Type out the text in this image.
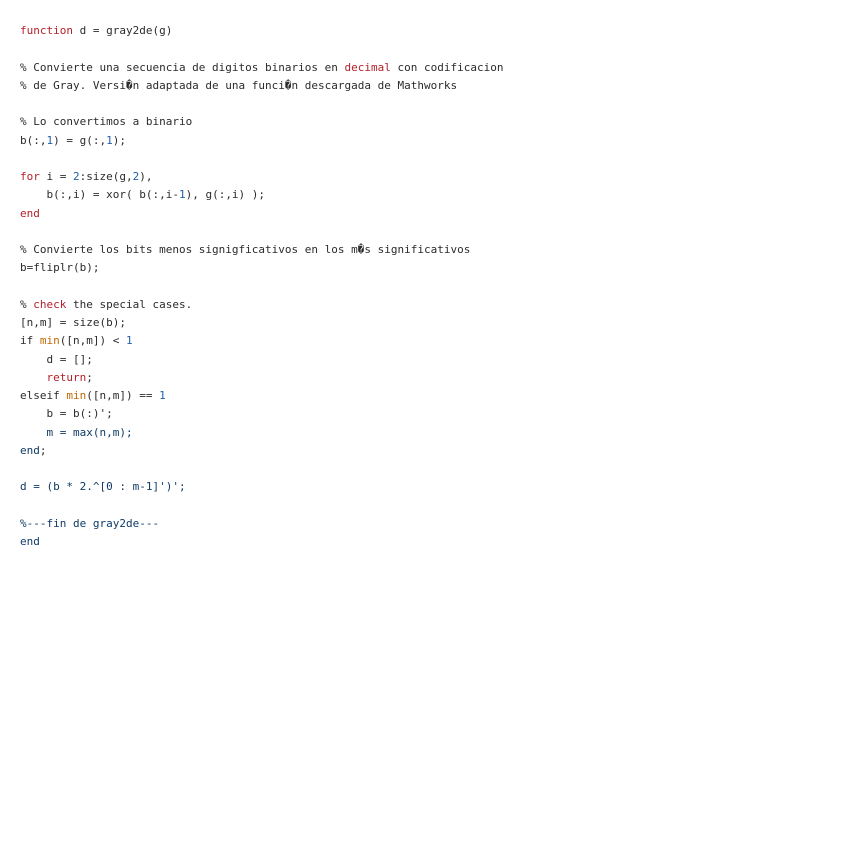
function d = gray2de(g)

% Convierte una secuencia de digitos binarios en decimal con codificacion
% de Gray. Versi�n adaptada de una funci�n descargada de Mathworks

% Lo convertimos a binario
b(:,1) = g(:,1);

for i = 2:size(g,2),
b(:,i) = xor( b(:,i-1), g(:,i) );
end

% Convierte los bits menos signigficativos en los m�s significativos
b=fliplr(b);

% check the special cases.
[n,m] = size(b);
if min([n,m]) < 1
d = [];
return;
elseif min([n,m]) == 1
b = b(:)';
m = max(n,m);
end;

d = (b * 2.^[0 : m-1]')';

%---fin de gray2de---
end
